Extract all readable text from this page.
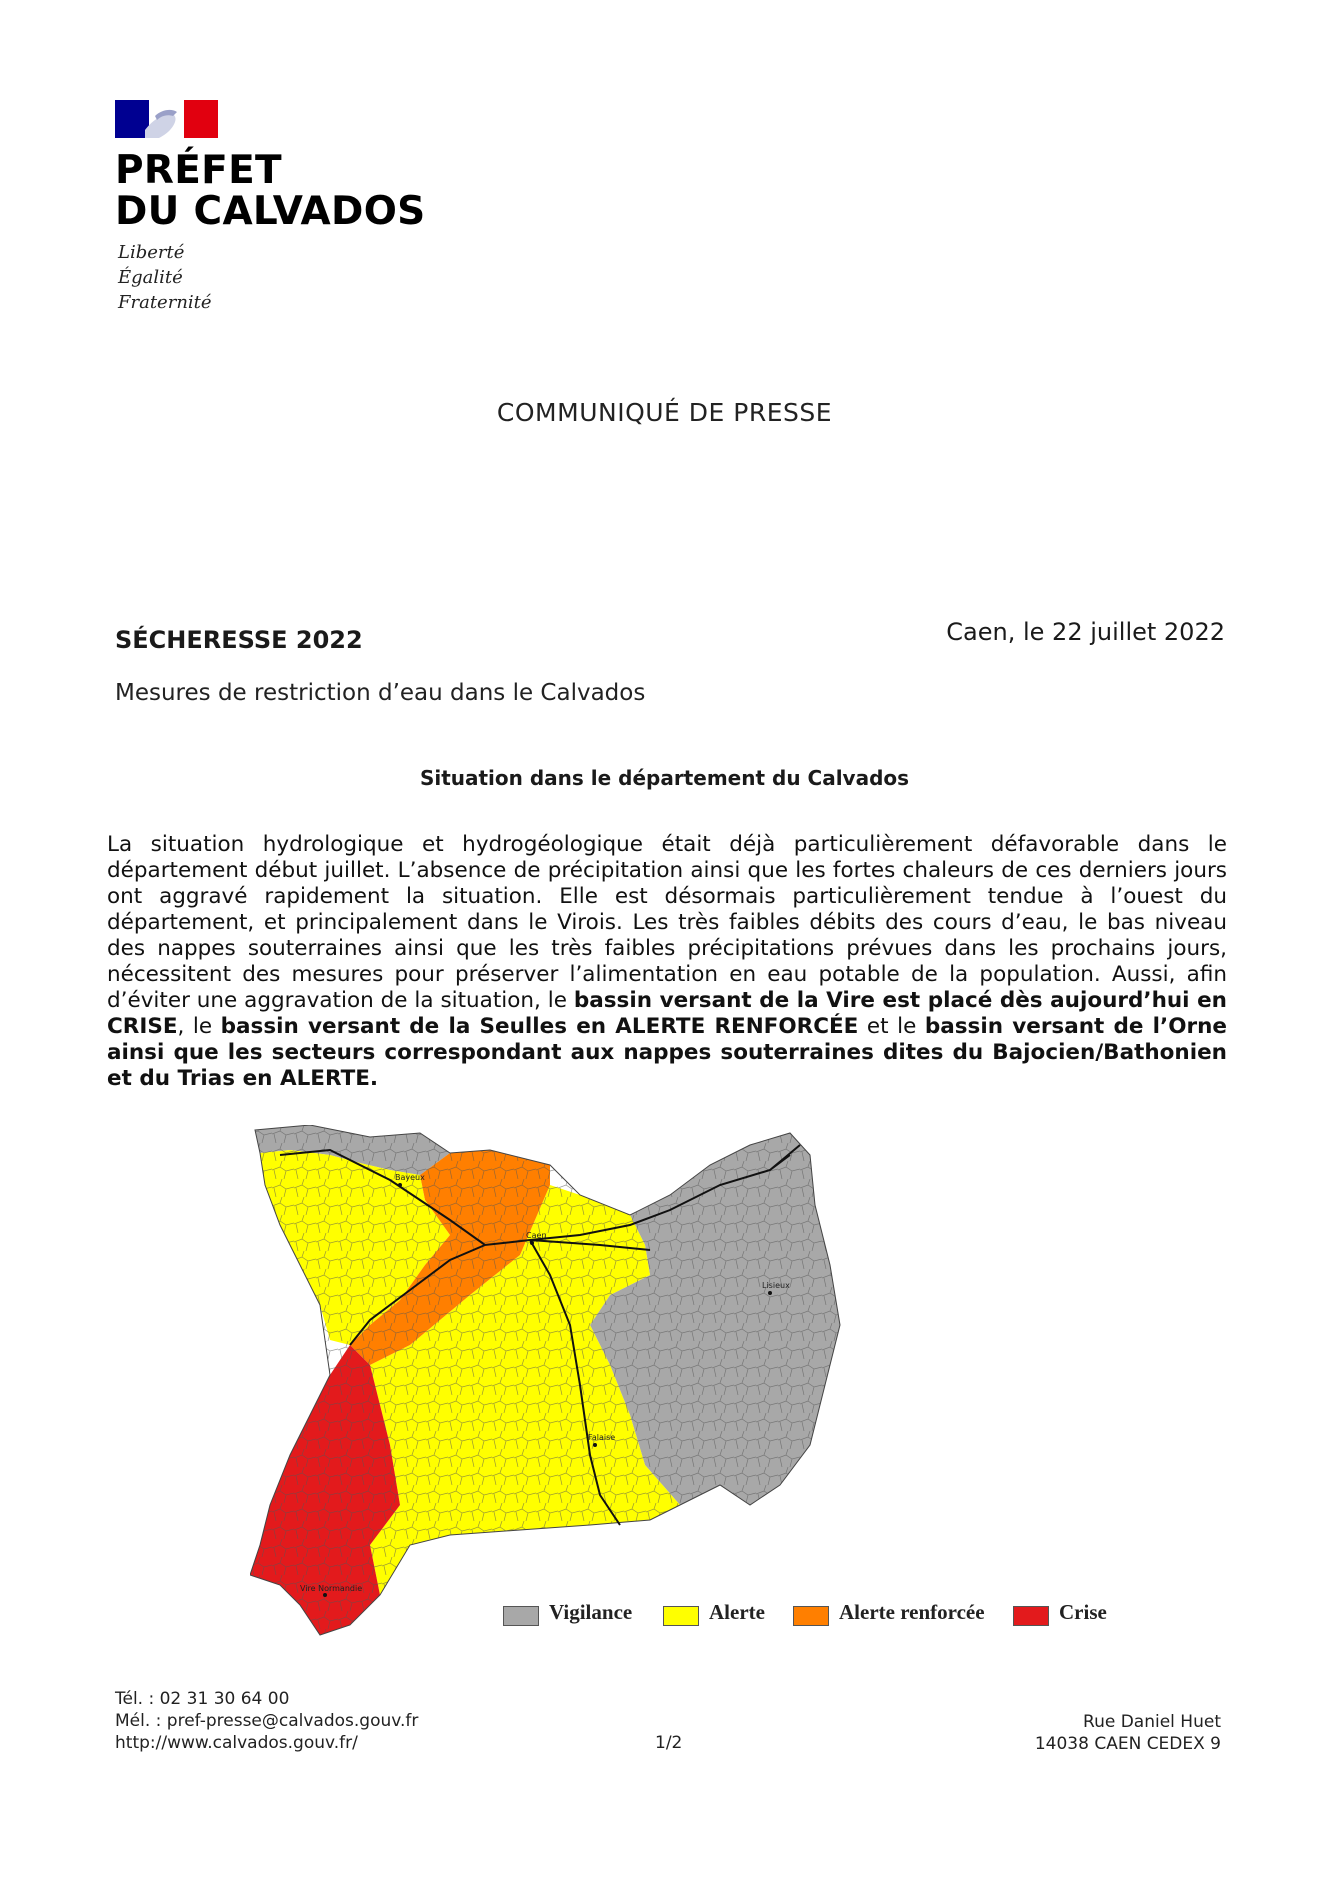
PRÉFET
DU CALVADOS
Liberté
Égalité
Fraternité
COMMUNIQUÉ DE PRESSE
SÉCHERESSE 2022	Caen, le 22 juillet 2022
Mesures de restriction d’eau dans le Calvados
Situation dans le département du Calvados

La situation hydrologique et hydrogéologique était déjà particulièrement défavorable dans le département début juillet. L’absence de précipitation ainsi que les fortes chaleurs de ces derniers jours ont aggravé rapidement la situation. Elle est désormais particulièrement tendue à l’ouest du département, et principalement dans le Virois. Les très faibles débits des cours d’eau, le bas niveau des nappes souterraines ainsi que les très faibles précipitations prévues dans les prochains jours, nécessitent des mesures pour préserver l’alimentation en eau potable de la population. Aussi, afin d’éviter une aggravation de la situation, le bassin versant de la Vire est placé dès aujourd’hui en CRISE, le bassin versant de la Seulles en ALERTE RENFORCÉE et le bassin versant de l’Orne ainsi que les secteurs correspondant aux nappes souterraines dites du Bajocien/Bathonien et du Trias en ALERTE.

Bayeux
Caen
Lisieux
Falaise
Vire Normandie
Vigilance	Alerte	Alerte renforcée	Crise
Tél. : 02 31 30 64 00
Mél. : pref-presse@calvados.gouv.fr
http://www.calvados.gouv.fr/	1/2
Rue Daniel Huet
14038 CAEN CEDEX 9
